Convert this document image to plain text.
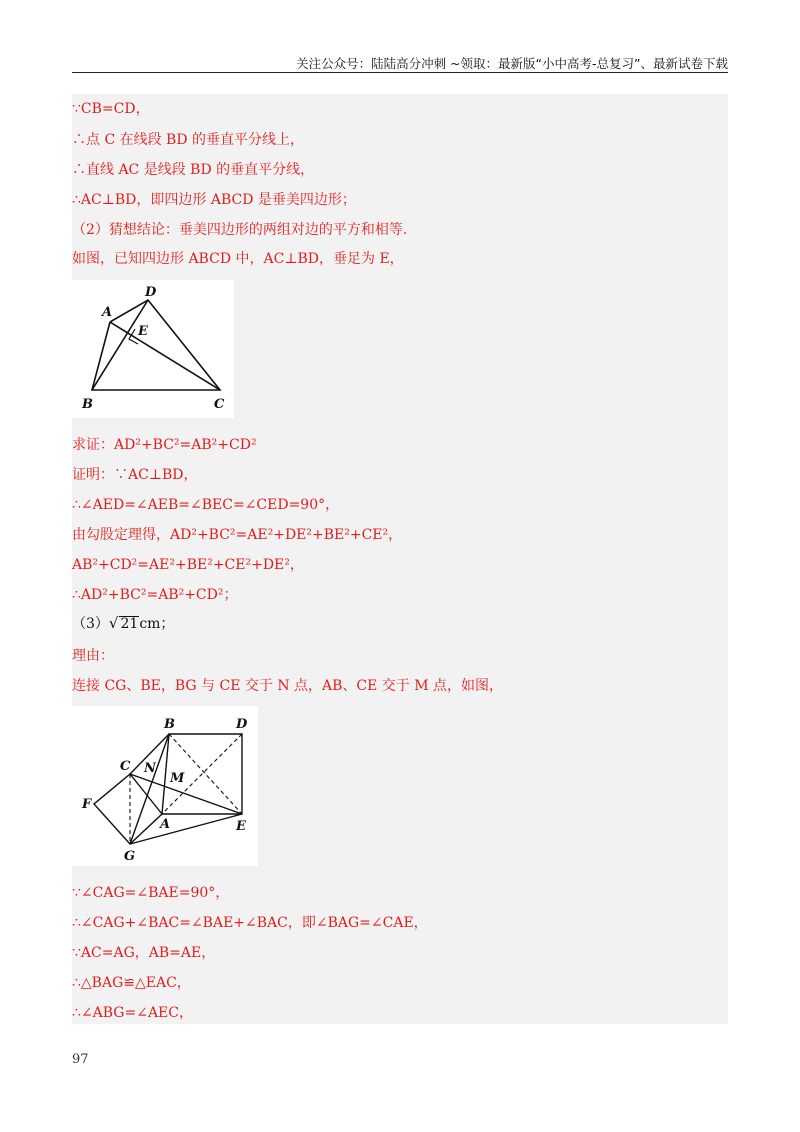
关注公众号：陆陆高分冲刺 ~领取：最新版“小中高考-总复习”、最新试卷下载
∵CB=CD，
∴点 C 在线段 BD 的垂直平分线上，
∴直线 AC 是线段 BD 的垂直平分线，
∴AC⊥BD，即四边形 ABCD 是垂美四边形；
（2）猜想结论：垂美四边形的两组对边的平方和相等.
如图，已知四边形 ABCD 中，AC⊥BD，垂足为 E，
A
D
E
B	C
求证：AD²+BC²=AB²+CD²
证明：∵AC⊥BD，
∴∠AED=∠AEB=∠BEC=∠CED=90°，
由勾股定理得，AD²+BC²=AE²+DE²+BE²+CE²，
AB²+CD²=AE²+BE²+CE²+DE²，
∴AD²+BC²=AB²+CD²；
（3）√ 21cm；
理由：
连接 CG、BE，BG 与 CE 交于 N 点，AB、CE 交于 M 点，如图，
B	D
C N
M
F
A	E
G
∵∠CAG=∠BAE=90°，
∴∠CAG+∠BAC=∠BAE+∠BAC，即∠BAG=∠CAE，
∵AC=AG，AB=AE，
∴△BAG≌△EAC，
∴∠ABG=∠AEC，
97
